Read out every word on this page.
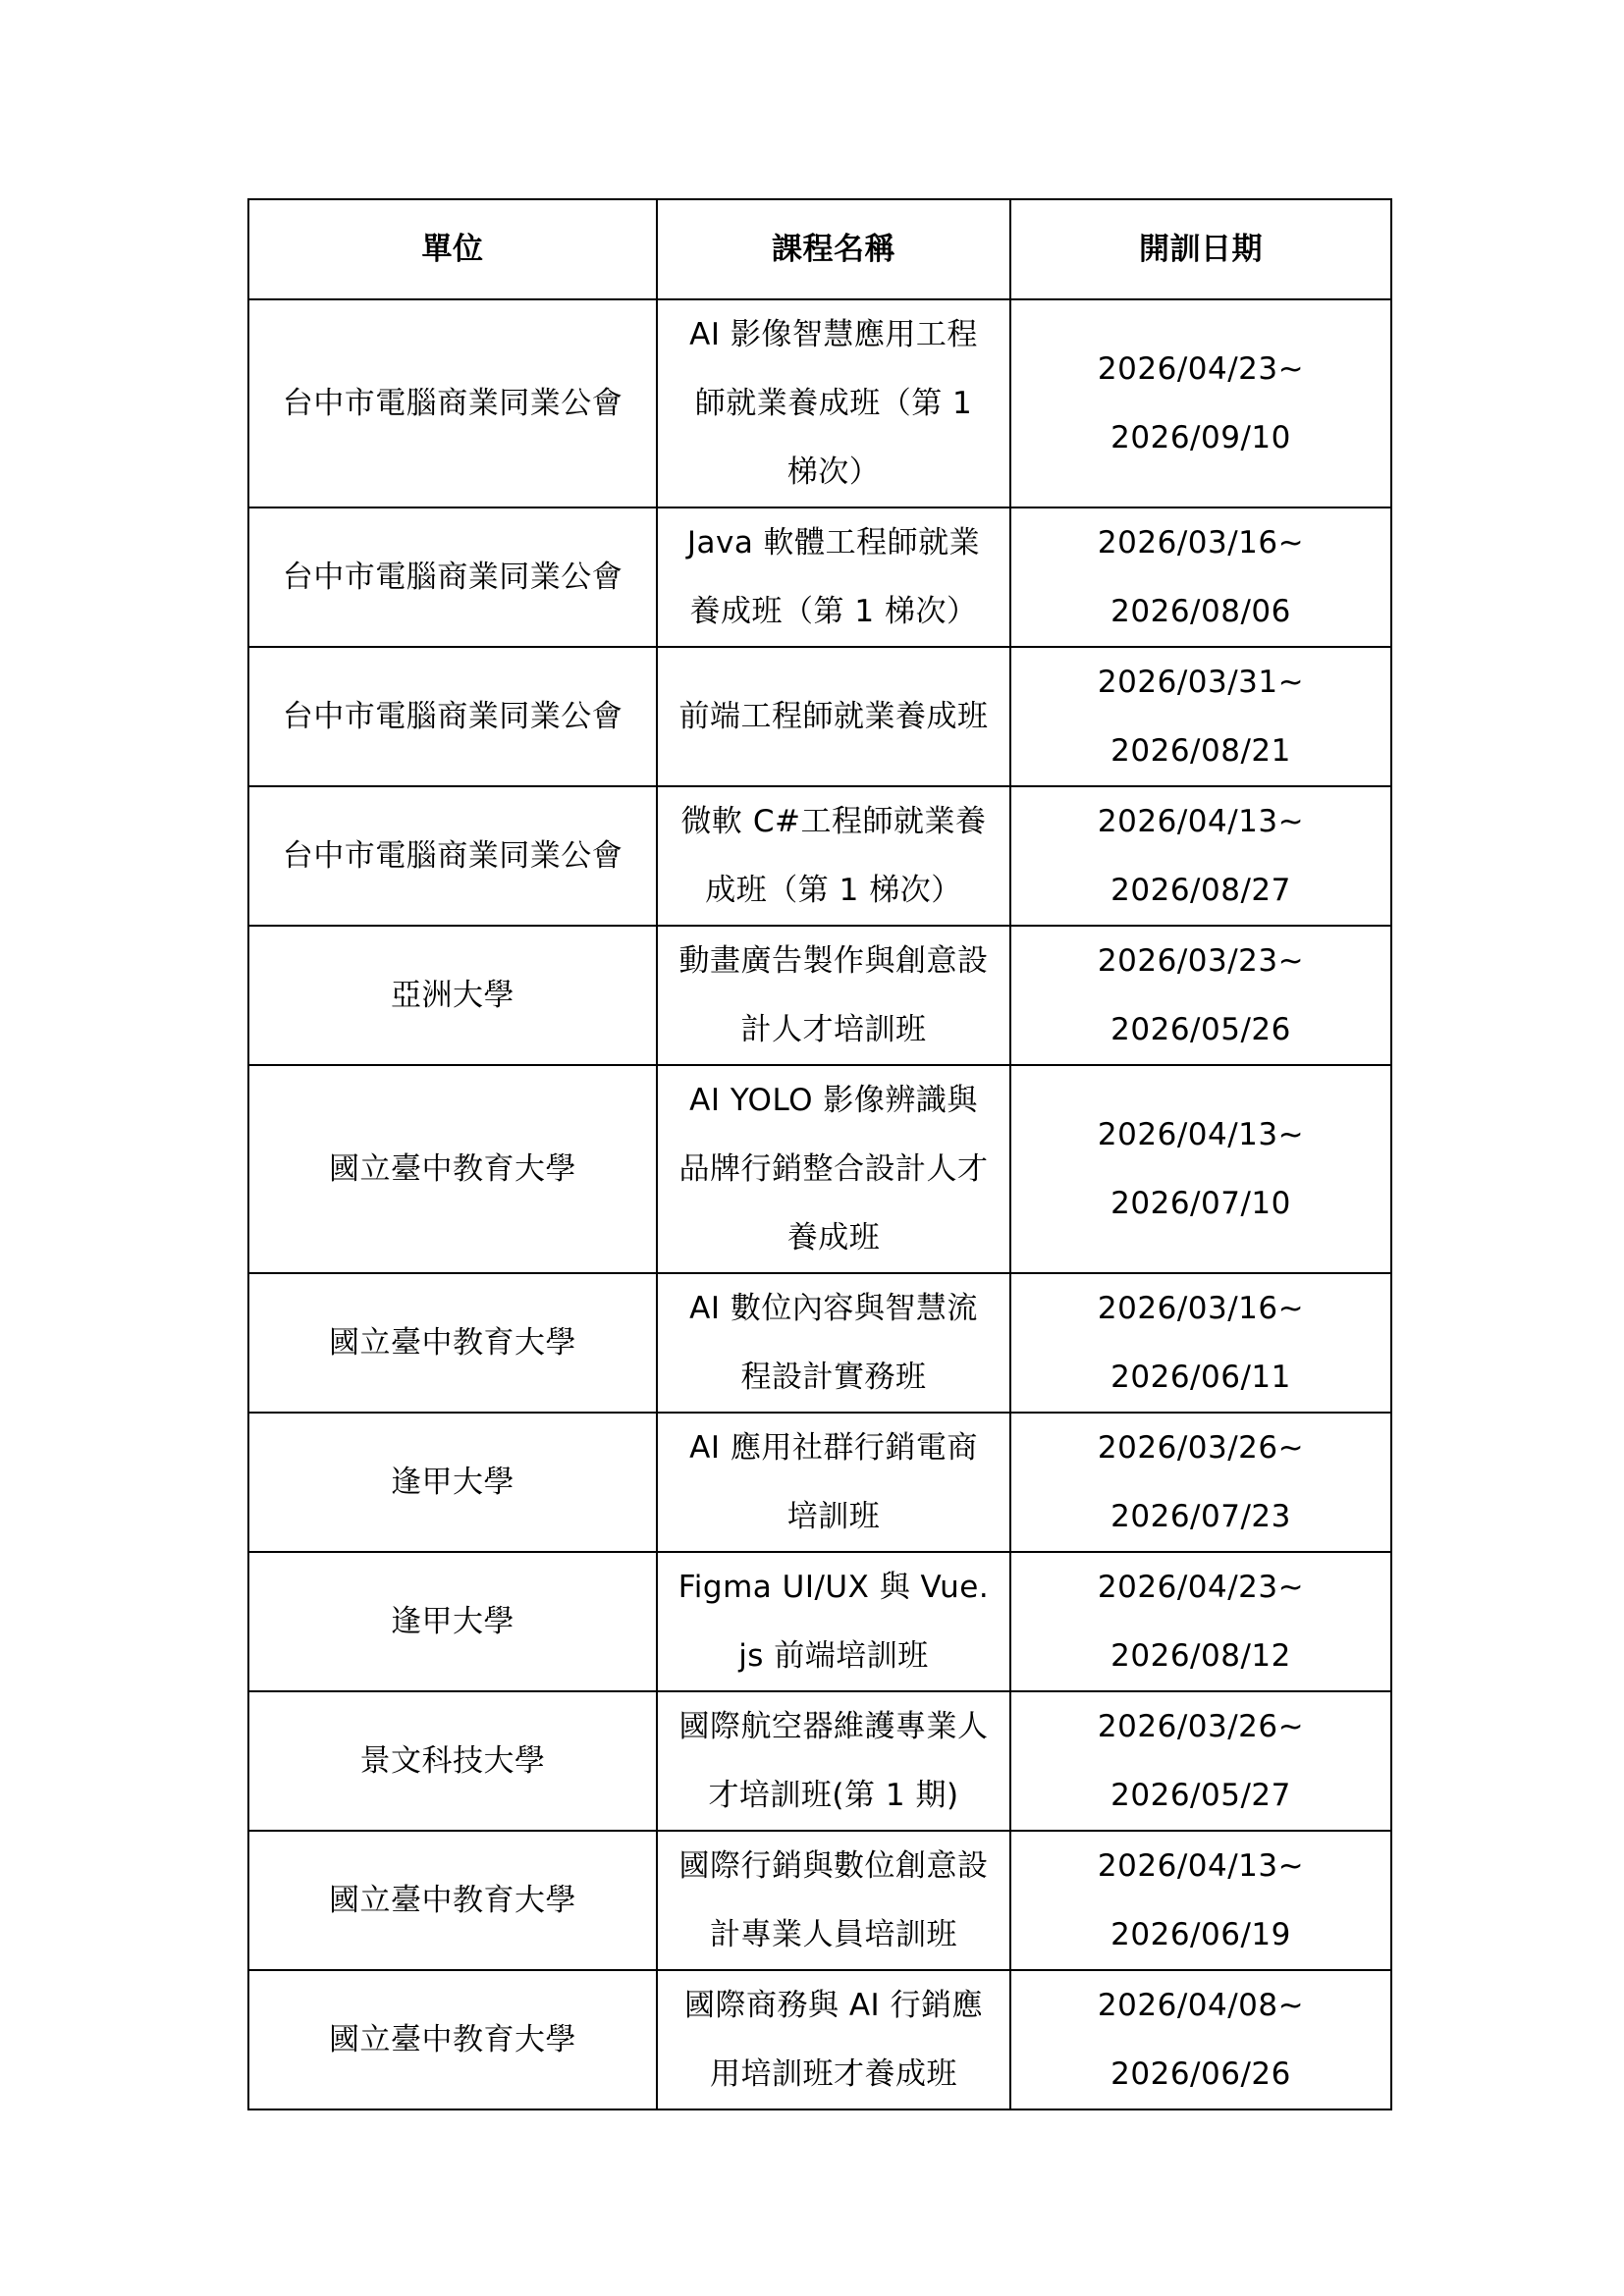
單位	課程名稱	開訓日期
台中市電腦商業同業公會	AI 影像智慧應用工程師就業養成班（第 1 梯次）	2026/04/23~
2026/09/10

台中市電腦商業同業公會	Java 軟體工程師就業養成班（第 1 梯次）	2026/03/16~
2026/08/06

台中市電腦商業同業公會	前端工程師就業養成班	2026/03/31~
2026/08/21

台中市電腦商業同業公會	微軟 C#工程師就業養成班（第 1 梯次）	2026/04/13~
2026/08/27

亞洲大學	動畫廣告製作與創意設計人才培訓班	2026/03/23~
2026/05/26

國立臺中教育大學	AI YOLO 影像辨識與品牌行銷整合設計人才養成班	2026/04/13~
2026/07/10

國立臺中教育大學	AI 數位內容與智慧流程設計實務班	2026/03/16~
2026/06/11

逢甲大學	AI 應用社群行銷電商培訓班	2026/03/26~
2026/07/23

逢甲大學	Figma UI/UX 與 Vue.js 前端培訓班	2026/04/23~
2026/08/12

景文科技大學	國際航空器維護專業人才培訓班(第 1 期)	2026/03/26~
2026/05/27

國立臺中教育大學	國際行銷與數位創意設計專業人員培訓班	2026/04/13~
2026/06/19

國立臺中教育大學	國際商務與 AI 行銷應用培訓班才養成班	2026/04/08~
2026/06/26
